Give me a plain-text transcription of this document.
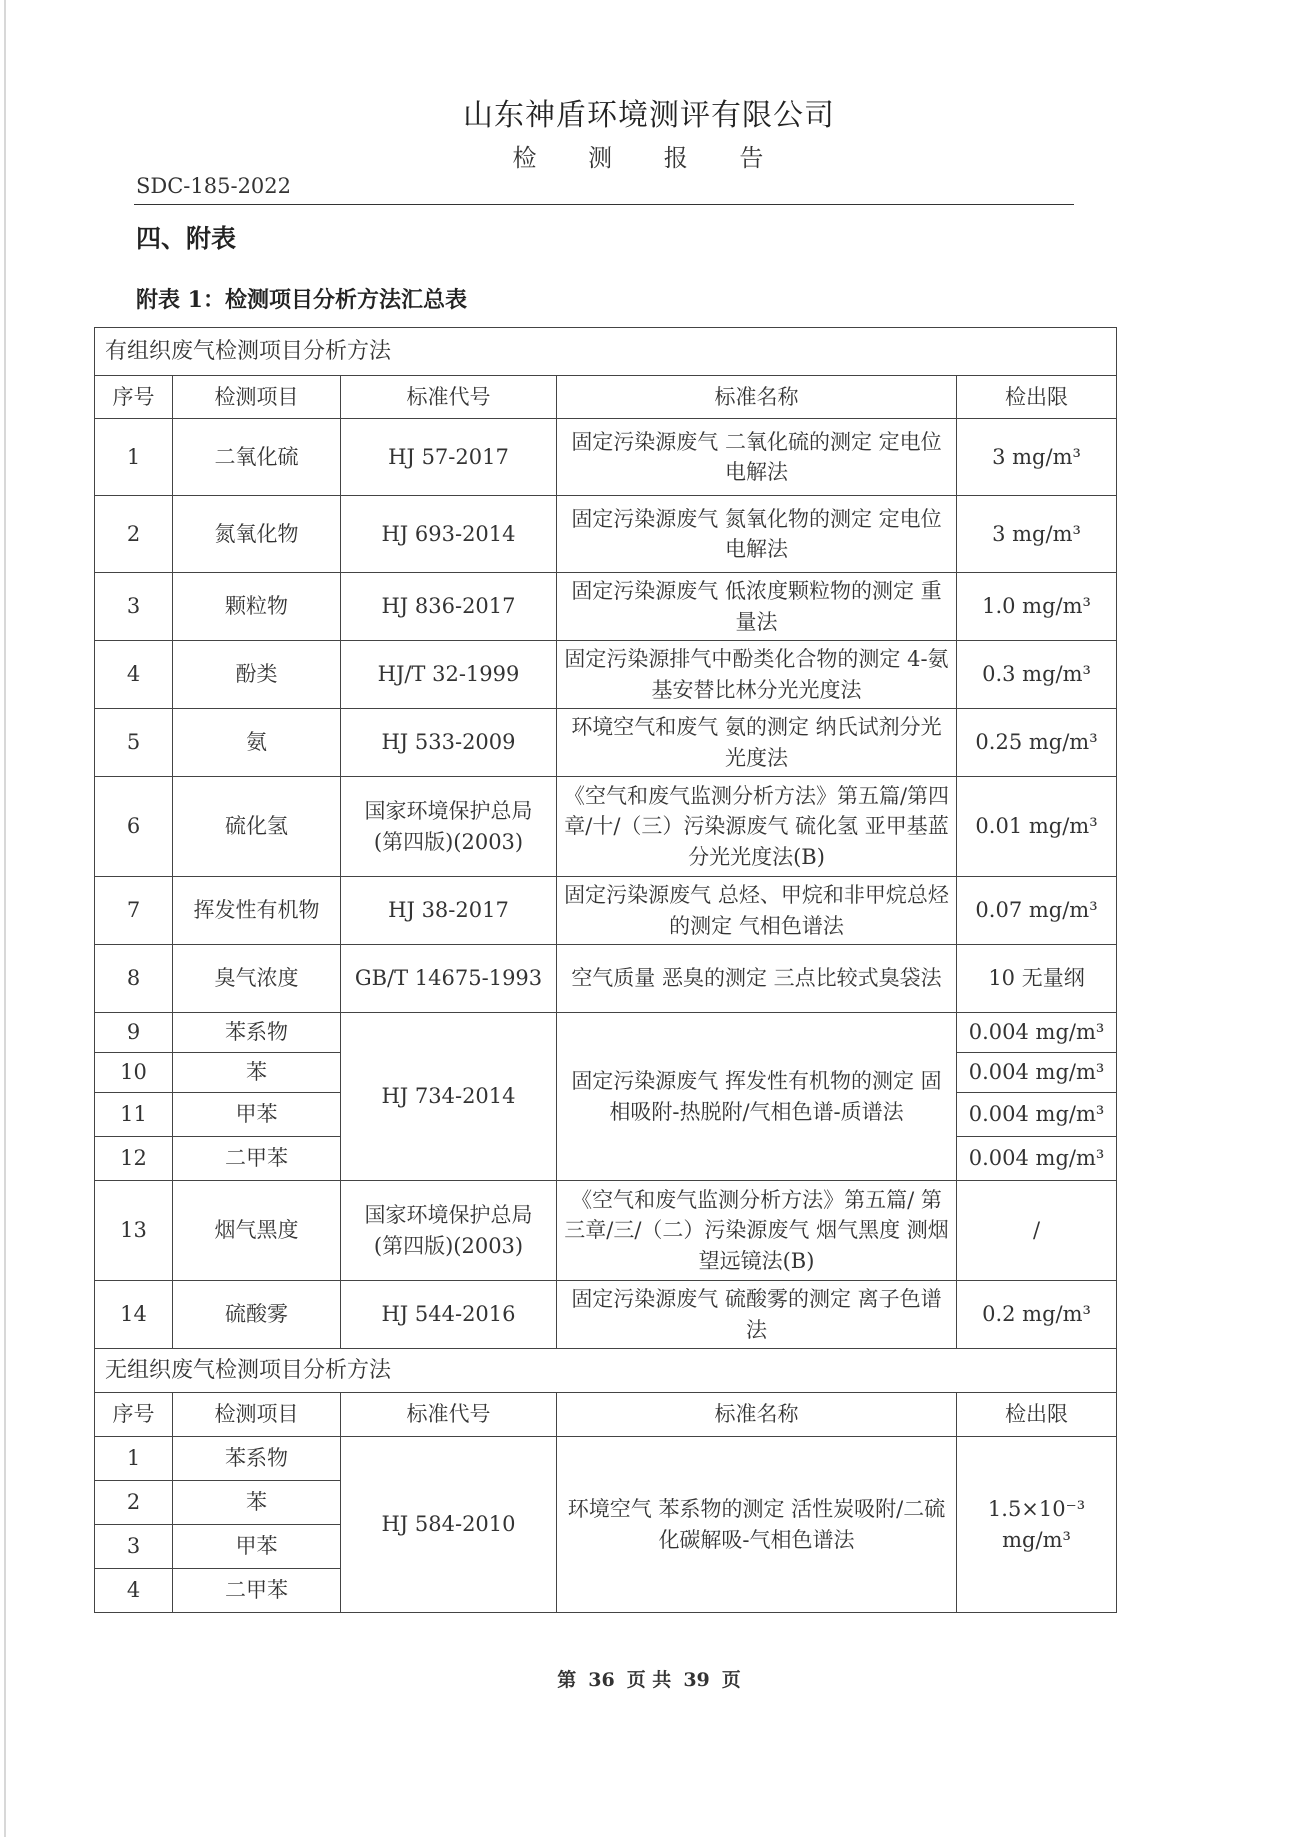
山东神盾环境测评有限公司
检 测 报 告
SDC-185-2022
四、附表
附表 1：检测项目分析方法汇总表
有组织废气检测项目分析方法				
序号	检测项目	标准代号	标准名称	检出限
1	二氧化硫	HJ 57-2017	固定污染源废气 二氧化硫的测定 定电位电解法	3 mg/m³
2	氮氧化物	HJ 693-2014	固定污染源废气 氮氧化物的测定 定电位电解法	3 mg/m³
3	颗粒物	HJ 836-2017	固定污染源废气 低浓度颗粒物的测定 重量法	1.0 mg/m³
4	酚类	HJ/T 32-1999	固定污染源排气中酚类化合物的测定 4-氨基安替比林分光光度法	0.3 mg/m³
5	氨	HJ 533-2009	环境空气和废气 氨的测定 纳氏试剂分光光度法	0.25 mg/m³
6	硫化氢	国家环境保护总局 (第四版)(2003)	《空气和废气监测分析方法》第五篇/第四章/十/（三）污染源废气 硫化氢 亚甲基蓝分光光度法(B)	0.01 mg/m³
7	挥发性有机物	HJ 38-2017	固定污染源废气 总烃、甲烷和非甲烷总烃的测定 气相色谱法	0.07 mg/m³
8	臭气浓度	GB/T 14675-1993	空气质量 恶臭的测定 三点比较式臭袋法	10 无量纲
9	苯系物	HJ 734-2014	固定污染源废气 挥发性有机物的测定 固相吸附-热脱附/气相色谱-质谱法	0.004 mg/m³
10	苯			0.004 mg/m³
11	甲苯			0.004 mg/m³
12	二甲苯			0.004 mg/m³
13	烟气黑度	国家环境保护总局 (第四版)(2003)	《空气和废气监测分析方法》第五篇/ 第三章/三/（二）污染源废气 烟气黑度 测烟望远镜法(B)	/
14	硫酸雾	HJ 544-2016	固定污染源废气 硫酸雾的测定 离子色谱法	0.2 mg/m³
无组织废气检测项目分析方法				
序号	检测项目	标准代号	标准名称	检出限
1	苯系物	HJ 584-2010	环境空气 苯系物的测定 活性炭吸附/二硫化碳解吸-气相色谱法	1.5×10⁻³ mg/m³
2	苯			
3	甲苯			
4	二甲苯			
第 36 页 共 39 页
